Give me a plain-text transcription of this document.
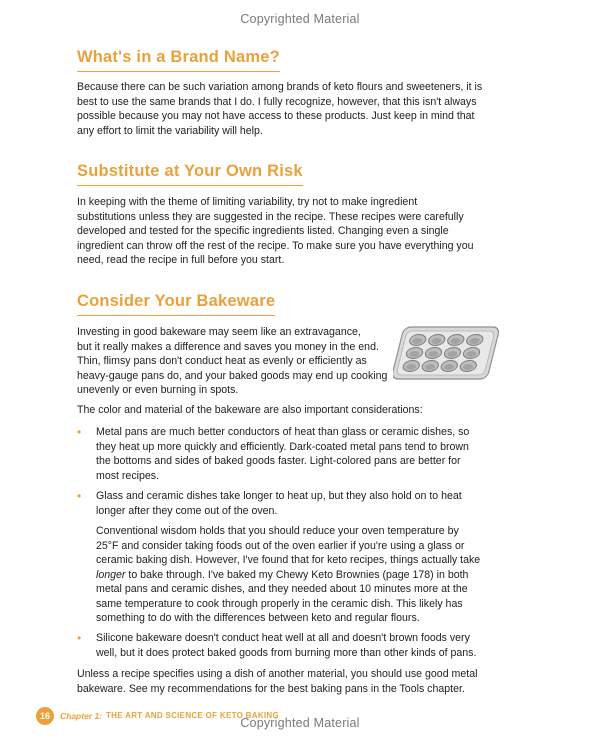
Copyrighted Material
What's in a Brand Name?

Because there can be such variation among brands of keto flours and sweeteners, it is
best to use the same brands that I do. I fully recognize, however, that this isn't always
possible because you may not have access to these products. Just keep in mind that
any effort to limit the variability will help.

Substitute at Your Own Risk

In keeping with the theme of limiting variability, try not to make ingredient
substitutions unless they are suggested in the recipe. These recipes were carefully
developed and tested for the specific ingredients listed. Changing even a single
ingredient can throw off the rest of the recipe. To make sure you have everything you
need, read the recipe in full before you start.

Consider Your Bakeware

Investing in good bakeware may seem like an extravagance,
but it really makes a difference and saves you money in the end.
Thin, flimsy pans don't conduct heat as evenly or efficiently as
heavy-gauge pans do, and your baked goods may end up cooking
unevenly or even burning in spots.

The color and material of the bakeware are also important considerations:

• Metal pans are much better conductors of heat than glass or ceramic dishes, so
they heat up more quickly and efficiently. Dark-coated metal pans tend to brown
the bottoms and sides of baked goods faster. Light-colored pans are better for
most recipes.
• Glass and ceramic dishes take longer to heat up, but they also hold on to heat
longer after they come out of the oven.

Conventional wisdom holds that you should reduce your oven temperature by
25°F and consider taking foods out of the oven earlier if you're using a glass or
ceramic baking dish. However, I've found that for keto recipes, things actually take
longer to bake through. I've baked my Chewy Keto Brownies (page 178) in both
metal pans and ceramic dishes, and they needed about 10 minutes more at the
same temperature to cook through properly in the ceramic dish. This likely has
something to do with the differences between keto and regular flours.

• Silicone bakeware doesn't conduct heat well at all and doesn't brown foods very
well, but it does protect baked goods from burning more than other kinds of pans.

Unless a recipe specifies using a dish of another material, you should use good metal
bakeware. See my recommendations for the best baking pans in the Tools chapter.

16	Chapter 1: THE ART AND SCIENCE OF KETO BAKING
Copyrighted Material
